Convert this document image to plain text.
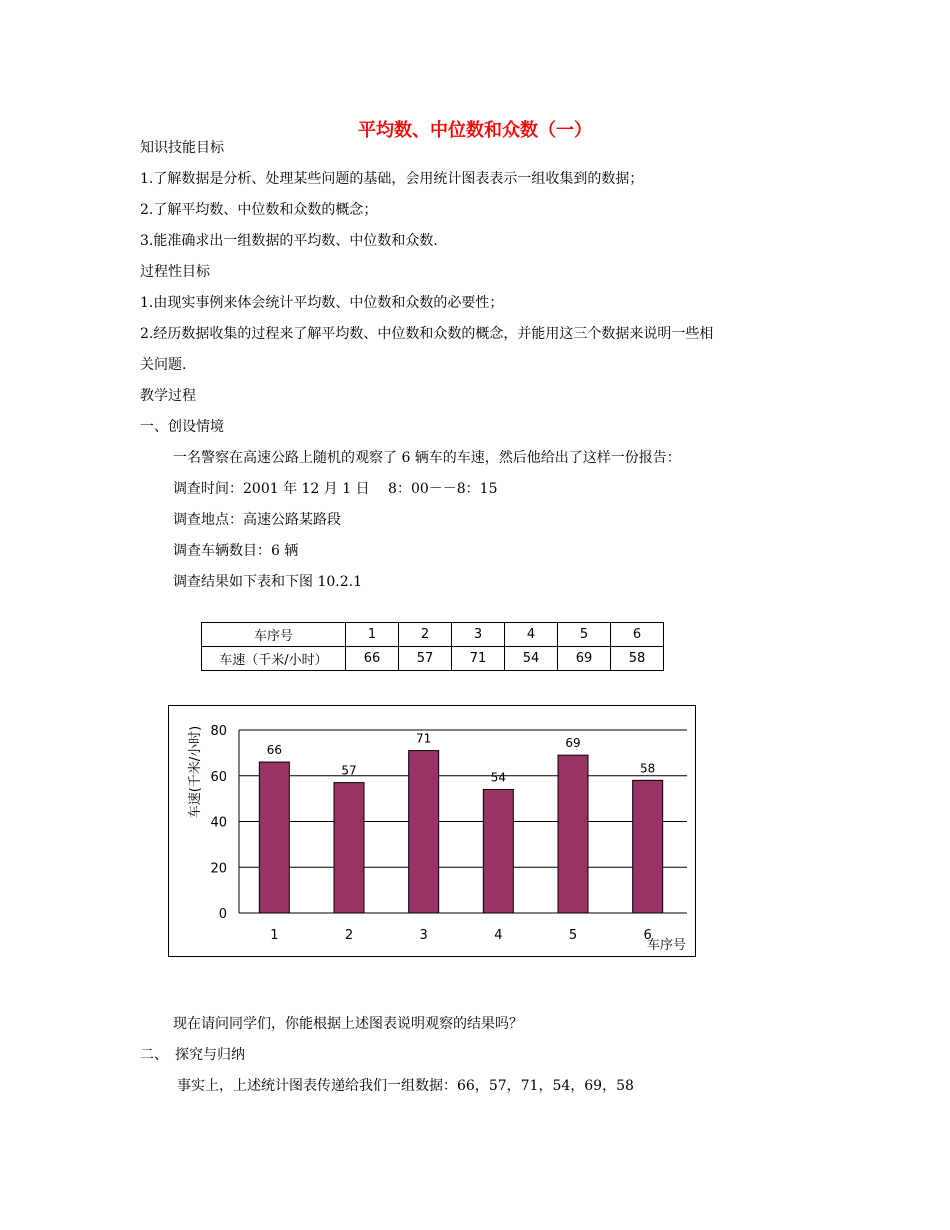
平均数、中位数和众数（一）
知识技能目标
1.了解数据是分析、处理某些问题的基础，会用统计图表表示一组收集到的数据；
2.了解平均数、中位数和众数的概念；
3.能准确求出一组数据的平均数、中位数和众数．
过程性目标
1.由现实事例来体会统计平均数、中位数和众数的必要性；
2.经历数据收集的过程来了解平均数、中位数和众数的概念，并能用这三个数据来说明一些相
关问题.
教学过程
一、创设情境
一名警察在高速公路上随机的观察了 6 辆车的车速，然后他给出了这样一份报告：
调查时间：2001 年 12 月 1 日　 8：00－－8：15
调查地点：高速公路某路段
调查车辆数目：6 辆
调查结果如下表和下图 10.2.1
车序号	1	2	3	4	5	6
车速（千米/小时）	66	57	71	54	69	58
0
20
40
60
80
66
1
57
2
71
3
54
4
69
5
58
6
车速(千米/小时)
车序号
现在请问同学们，你能根据上述图表说明观察的结果吗？
二、　探究与归纳
事实上，上述统计图表传递给我们一组数据：66，57，71，54，69，58
